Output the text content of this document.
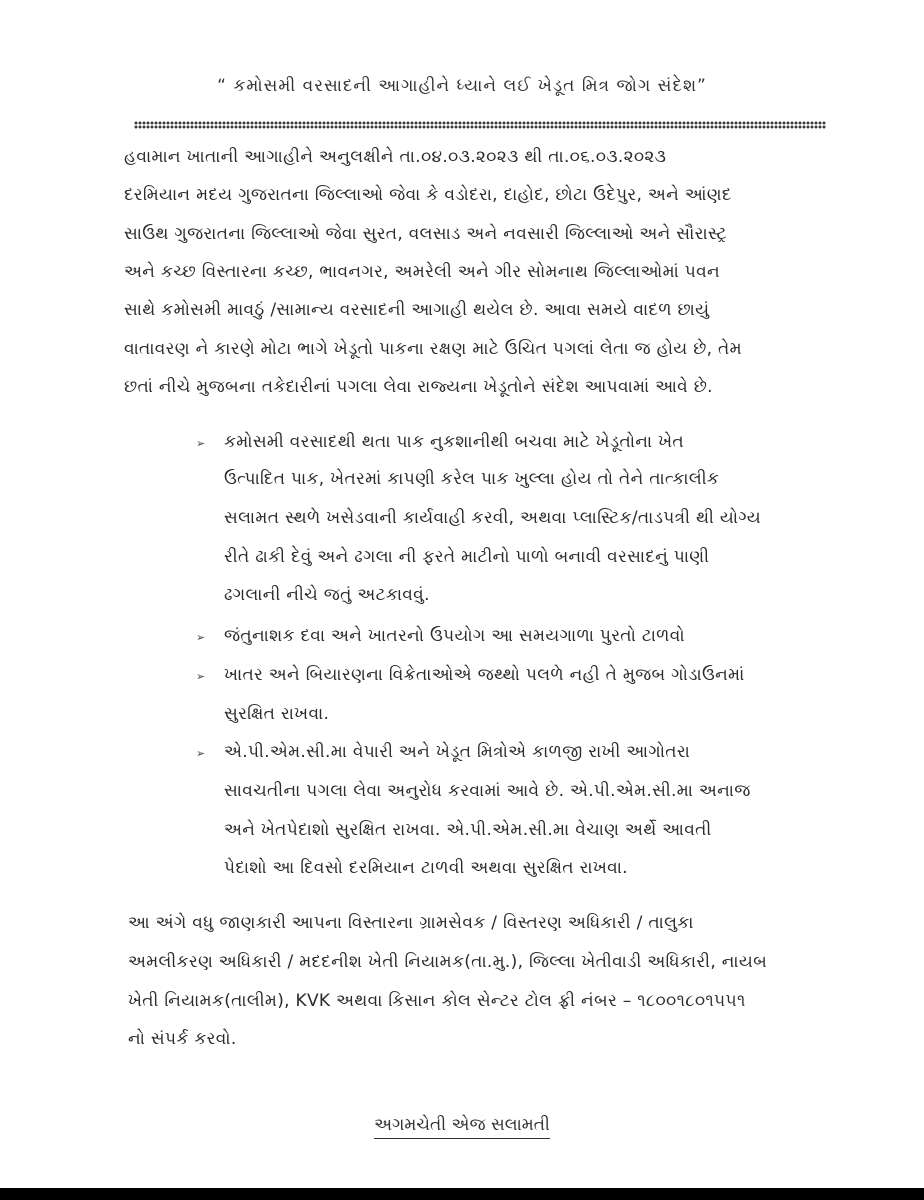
“ કમોસમી વરસાદની આગાહીને ધ્યાને લઈ ખેડૂત મિત્ર જોગ સંદેશ”
હવામાન ખાતાની આગાહીને અનુલક્ષીને તા.૦૪.૦૩.૨૦૨૩ થી તા.૦૬.૦૩.૨૦૨૩
દરમિયાન મદય ગુજરાતના જિલ્લાઓ જેવા કે વડોદરા, દાહોદ, છોટા ઉદેપુર, અને આંણદ
સાઉથ ગુજરાતના જિલ્લાઓ જેવા સુરત, વલસાડ અને નવસારી જિલ્લાઓ અને સૌરાસ્ટ્ર
અને કચ્છ વિસ્તારના કચ્છ, ભાવનગર, અમરેલી અને ગીર સોમનાથ જિલ્લાઓમાં પવન
સાથે કમોસમી માવઠું /સામાન્ય વરસાદની આગાહી થયેલ છે. આવા સમયે વાદળ છાયું
વાતાવરણ ને કારણે મોટા ભાગે ખેડૂતો પાકના રક્ષણ માટે ઉચિત પગલાં લેતા જ હોય છે, તેમ
છતાં નીચે મુજબના તકેદારીનાં પગલા લેવા રાજ્યના ખેડૂતોને સંદેશ આપવામાં આવે છે.
➢ કમોસમી વરસાદથી થતા પાક નુકશાનીથી બચવા માટે ખેડૂતોના ખેત
ઉત્પાદિત પાક, ખેતરમાં કાપણી કરેલ પાક ખુલ્લા હોય તો તેને તાત્કાલીક
સલામત સ્થળે ખસેડવાની કાર્યવાહી કરવી, અથવા પ્લાસ્ટિક/તાડપત્રી થી યોગ્ય
રીતે ઢાકી દેવું અને ઢગલા ની ફરતે માટીનો પાળો બનાવી વરસાદનું પાણી
ઢગલાની નીચે જતું અટકાવવું.
➢ જંતુનાશક દવા અને ખાતરનો ઉપયોગ આ સમયગાળા પુરતો ટાળવો
➢ ખાતર અને બિયારણના વિક્રેતાઓએ જથ્થો પલળે નહી તે મુજબ ગોડાઉનમાં
સુરક્ષિત રાખવા.
➢ એ.પી.એમ.સી.મા વેપારી અને ખેડૂત મિત્રોએ કાળજી રાખી આગોતરા
સાવચતીના પગલા લેવા અનુરોધ કરવામાં આવે છે. એ.પી.એમ.સી.મા અનાજ
અને ખેતપેદાશો સુરક્ષિત રાખવા. એ.પી.એમ.સી.મા વેચાણ અર્થે આવતી
પેદાશો આ દિવસો દરમિયાન ટાળવી અથવા સુરક્ષિત રાખવા.
આ અંગે વધુ જાણકારી આપના વિસ્તારના ગ્રામસેવક / વિસ્તરણ અધિકારી / તાલુકા
અમલીકરણ અધિકારી / મદદનીશ ખેતી નિયામક(તા.મુ.), જિલ્લા ખેતીવાડી અધિકારી, નાયબ
ખેતી નિયામક(તાલીમ), KVK અથવા કિસાન કોલ સેન્ટર ટોલ ફ્રી નંબર – ૧૮૦૦૧૮૦૧૫૫૧
નો સંપર્ક કરવો.
અગમચેતી એજ સલામતી
